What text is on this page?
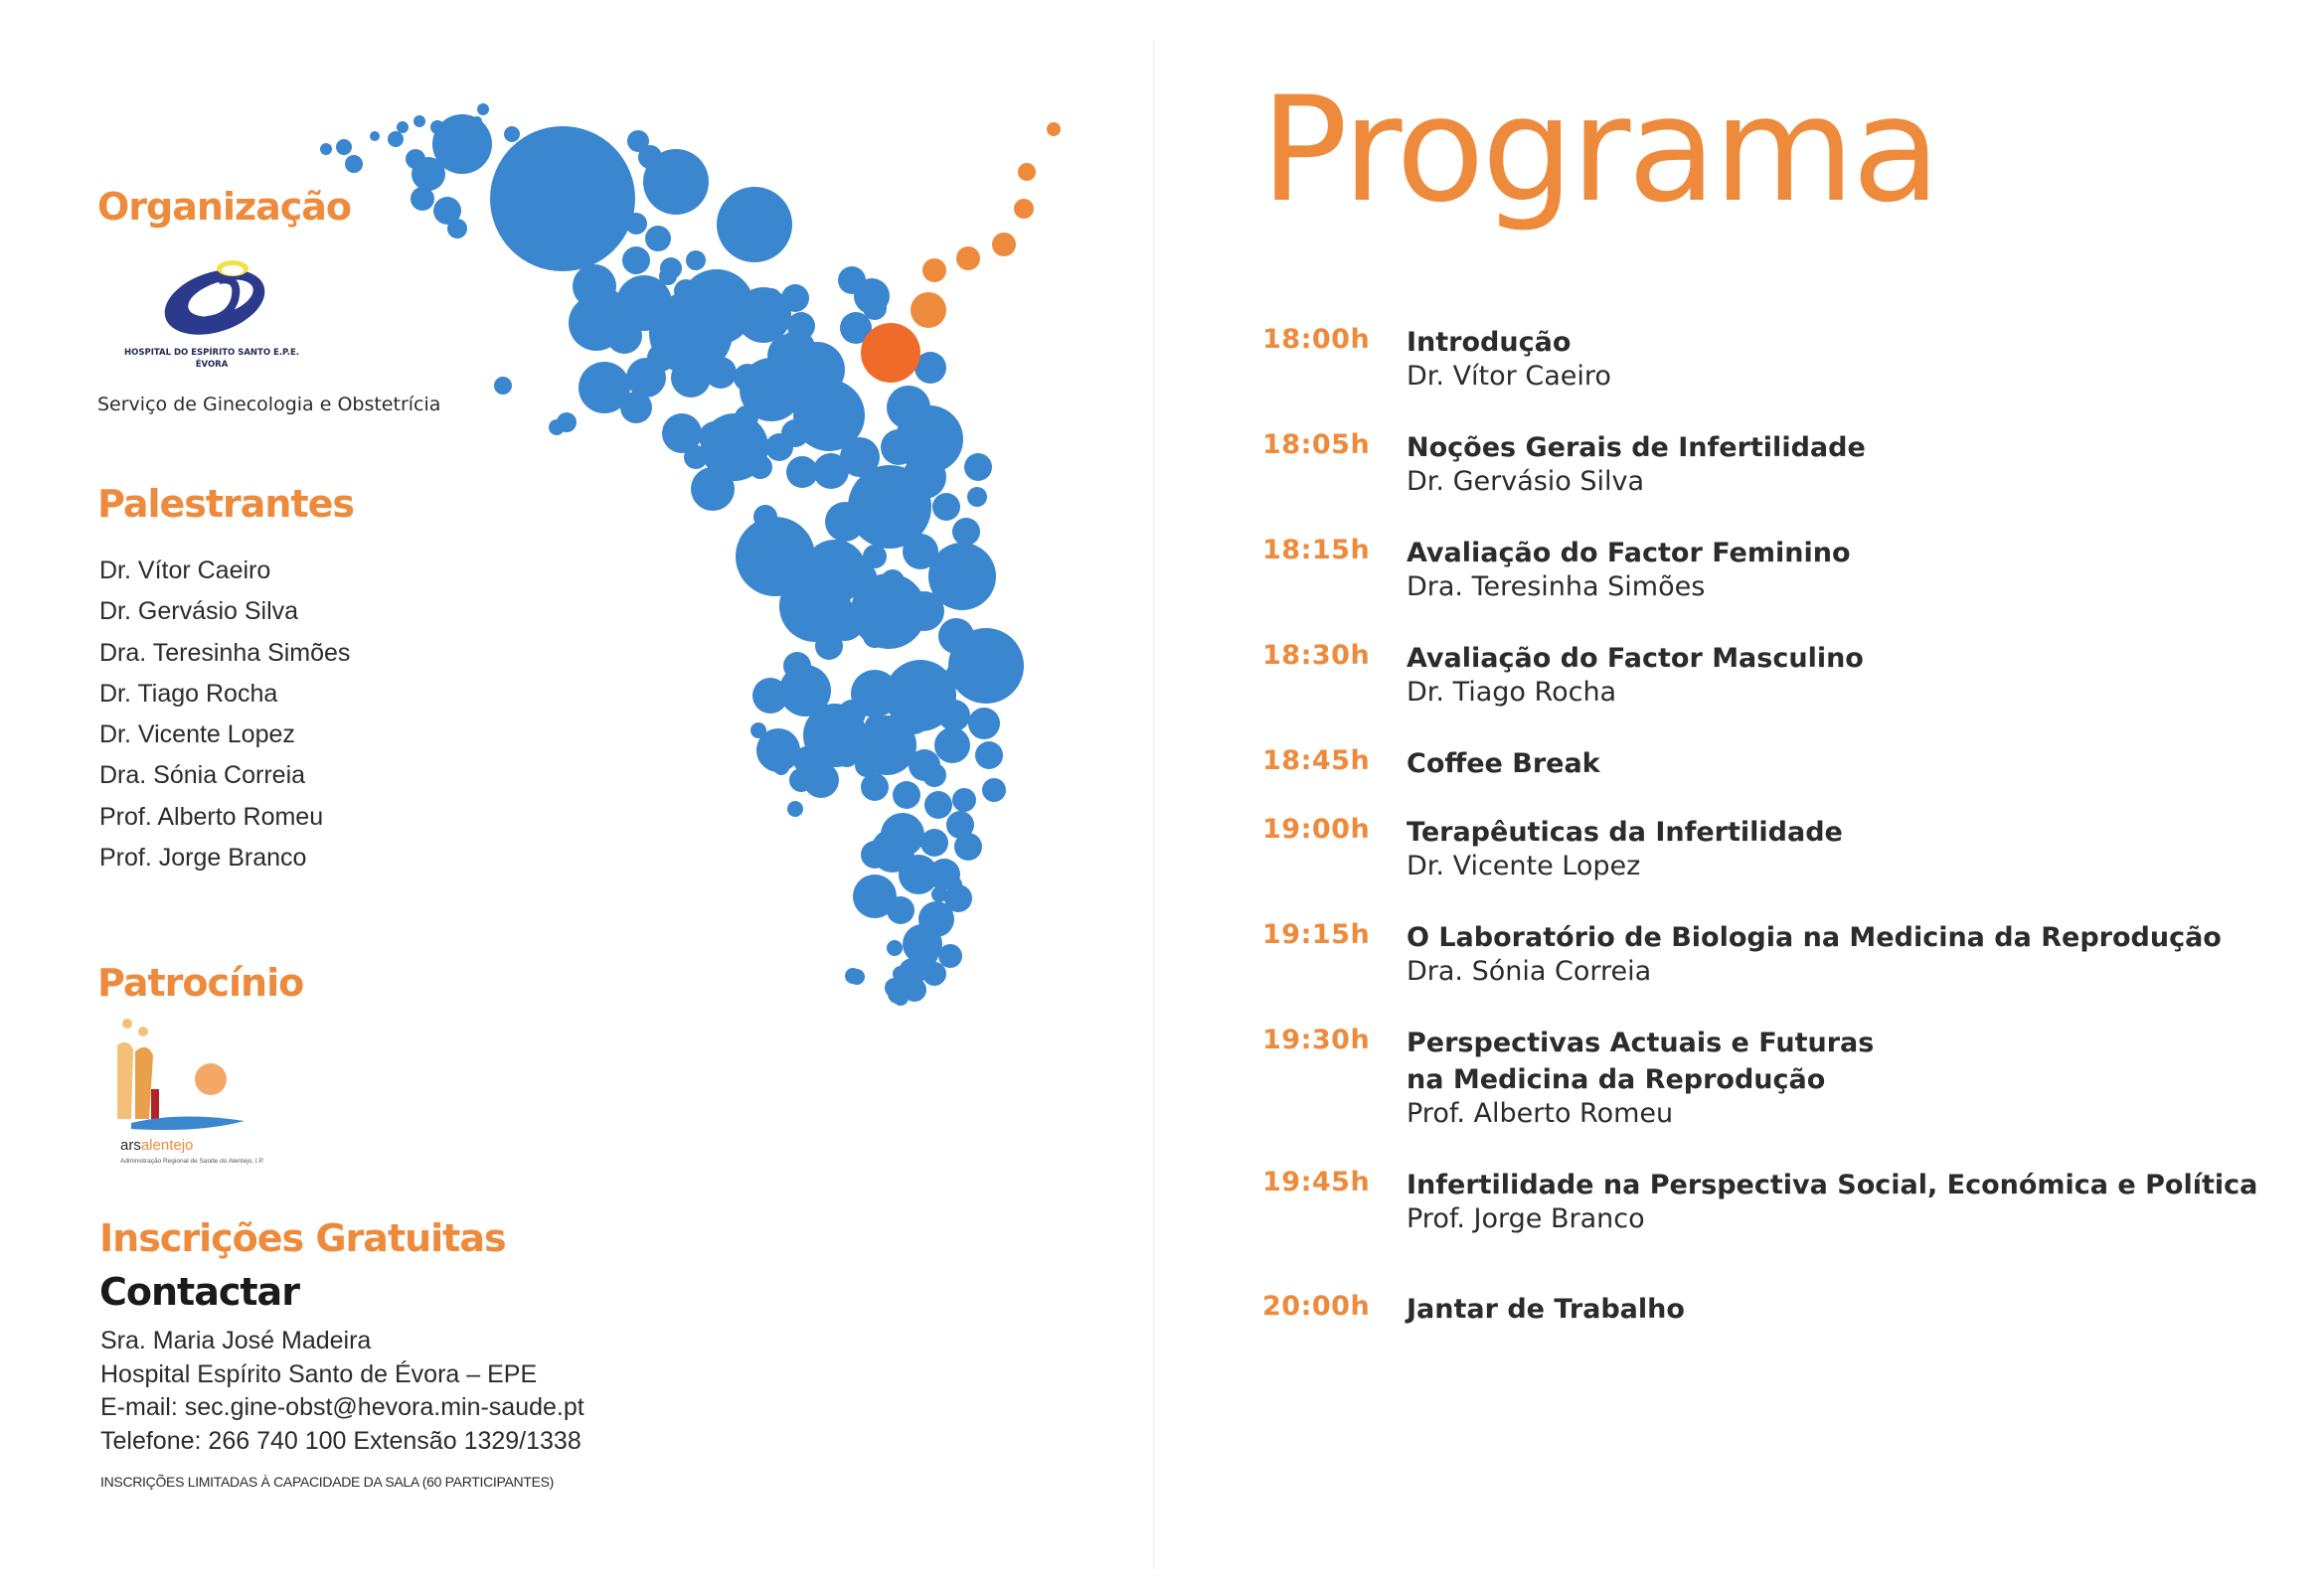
Organização
HOSPITAL DO ESPÍRITO SANTO E.P.E.
ÉVORA
Serviço de Ginecologia e Obstetrícia
Palestrantes
Dr. Vítor Caeiro
Dr. Gervásio Silva
Dra. Teresinha Simões
Dr. Tiago Rocha
Dr. Vicente Lopez
Dra. Sónia Correia
Prof. Alberto Romeu
Prof. Jorge Branco
Patrocínio
arsalentejo
Administração Regional de Saúde do Alentejo, I.P.
Inscrições Gratuitas
Contactar
Sra. Maria José Madeira
Hospital Espírito Santo de Évora – EPE
E-mail: sec.gine-obst@hevora.min-saude.pt
Telefone: 266 740 100 Extensão 1329/1338
INSCRIÇÕES LIMITADAS À CAPACIDADE DA SALA (60 PARTICIPANTES)
Programa
18:00h Introdução
Dr. Vítor Caeiro
18:05h Noções Gerais de Infertilidade
Dr. Gervásio Silva
18:15h Avaliação do Factor Feminino
Dra. Teresinha Simões
18:30h Avaliação do Factor Masculino
Dr. Tiago Rocha
18:45h Coffee Break
19:00h Terapêuticas da Infertilidade
Dr. Vicente Lopez
19:15h O Laboratório de Biologia na Medicina da Reprodução
Dra. Sónia Correia
19:30h Perspectivas Actuais e Futuras
na Medicina da Reprodução
Prof. Alberto Romeu
19:45h Infertilidade na Perspectiva Social, Económica e Política
Prof. Jorge Branco
20:00h Jantar de Trabalho
